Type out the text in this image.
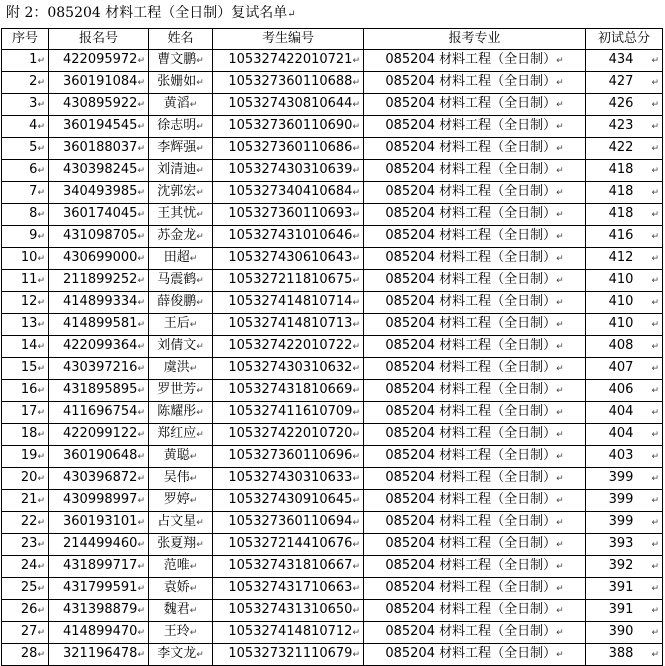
附 2：085204 材料工程（全日制）复试名单↵
序号	报名号	姓名	考生编号	报考专业	初试总分
1↵	422095972↵	曹文鹏↵	105327422010721↵	085204 材料工程（全日制）↵	434 ↵
2↵	360191084↵	张姗如↵	105327360110688↵	085204 材料工程（全日制）↵	427 ↵
3↵	430895922↵	黄滔↵	105327430810644↵	085204 材料工程（全日制）↵	426 ↵
4↵	360194545↵	徐志明↵	105327360110690↵	085204 材料工程（全日制）↵	423 ↵
5↵	360188037↵	李辉强↵	105327360110686↵	085204 材料工程（全日制）↵	422 ↵
6↵	430398245↵	刘清迪↵	105327430310639↵	085204 材料工程（全日制）↵	418 ↵
7↵	340493985↵	沈郭宏↵	105327340410684↵	085204 材料工程（全日制）↵	418 ↵
8↵	360174045↵	王其忧↵	105327360110693↵	085204 材料工程（全日制）↵	418 ↵
9↵	431098705↵	苏金龙↵	105327431010646↵	085204 材料工程（全日制）↵	416 ↵
10↵	430699000↵	田超↵	105327430610643↵	085204 材料工程（全日制）↵	412 ↵
11↵	211899252↵	马震鹤↵	105327211810675↵	085204 材料工程（全日制）↵	410 ↵
12↵	414899334↵	薛俊鹏↵	105327414810714↵	085204 材料工程（全日制）↵	410 ↵
13↵	414899581↵	王后↵	105327414810713↵	085204 材料工程（全日制）↵	410 ↵
14↵	422099364↵	刘倩文↵	105327422010722↵	085204 材料工程（全日制）↵	408 ↵
15↵	430397216↵	虞洪↵	105327430310632↵	085204 材料工程（全日制）↵	407 ↵
16↵	431895895↵	罗世芳↵	105327431810669↵	085204 材料工程（全日制）↵	406 ↵
17↵	411696754↵	陈耀彤↵	105327411610709↵	085204 材料工程（全日制）↵	404 ↵
18↵	422099122↵	郑红应↵	105327422010720↵	085204 材料工程（全日制）↵	404 ↵
19↵	360190648↵	黄聪↵	105327360110696↵	085204 材料工程（全日制）↵	403 ↵
20↵	430396872↵	吴伟↵	105327430310633↵	085204 材料工程（全日制）↵	399 ↵
21↵	430998997↵	罗婷↵	105327430910645↵	085204 材料工程（全日制）↵	399 ↵
22↵	360193101↵	占文星↵	105327360110694↵	085204 材料工程（全日制）↵	399 ↵
23↵	214499460↵	张夏翔↵	105327214410676↵	085204 材料工程（全日制）↵	393 ↵
24↵	431899717↵	范唯↵	105327431810667↵	085204 材料工程（全日制）↵	392 ↵
25↵	431799591↵	袁娇↵	105327431710663↵	085204 材料工程（全日制）↵	391 ↵
26↵	431398879↵	魏君↵	105327431310650↵	085204 材料工程（全日制）↵	391 ↵
27↵	414899470↵	王玲↵	105327414810712↵	085204 材料工程（全日制）↵	390 ↵
28↵	321196478↵	李文龙↵	105327321110679↵	085204 材料工程（全日制）↵	388 ↵
